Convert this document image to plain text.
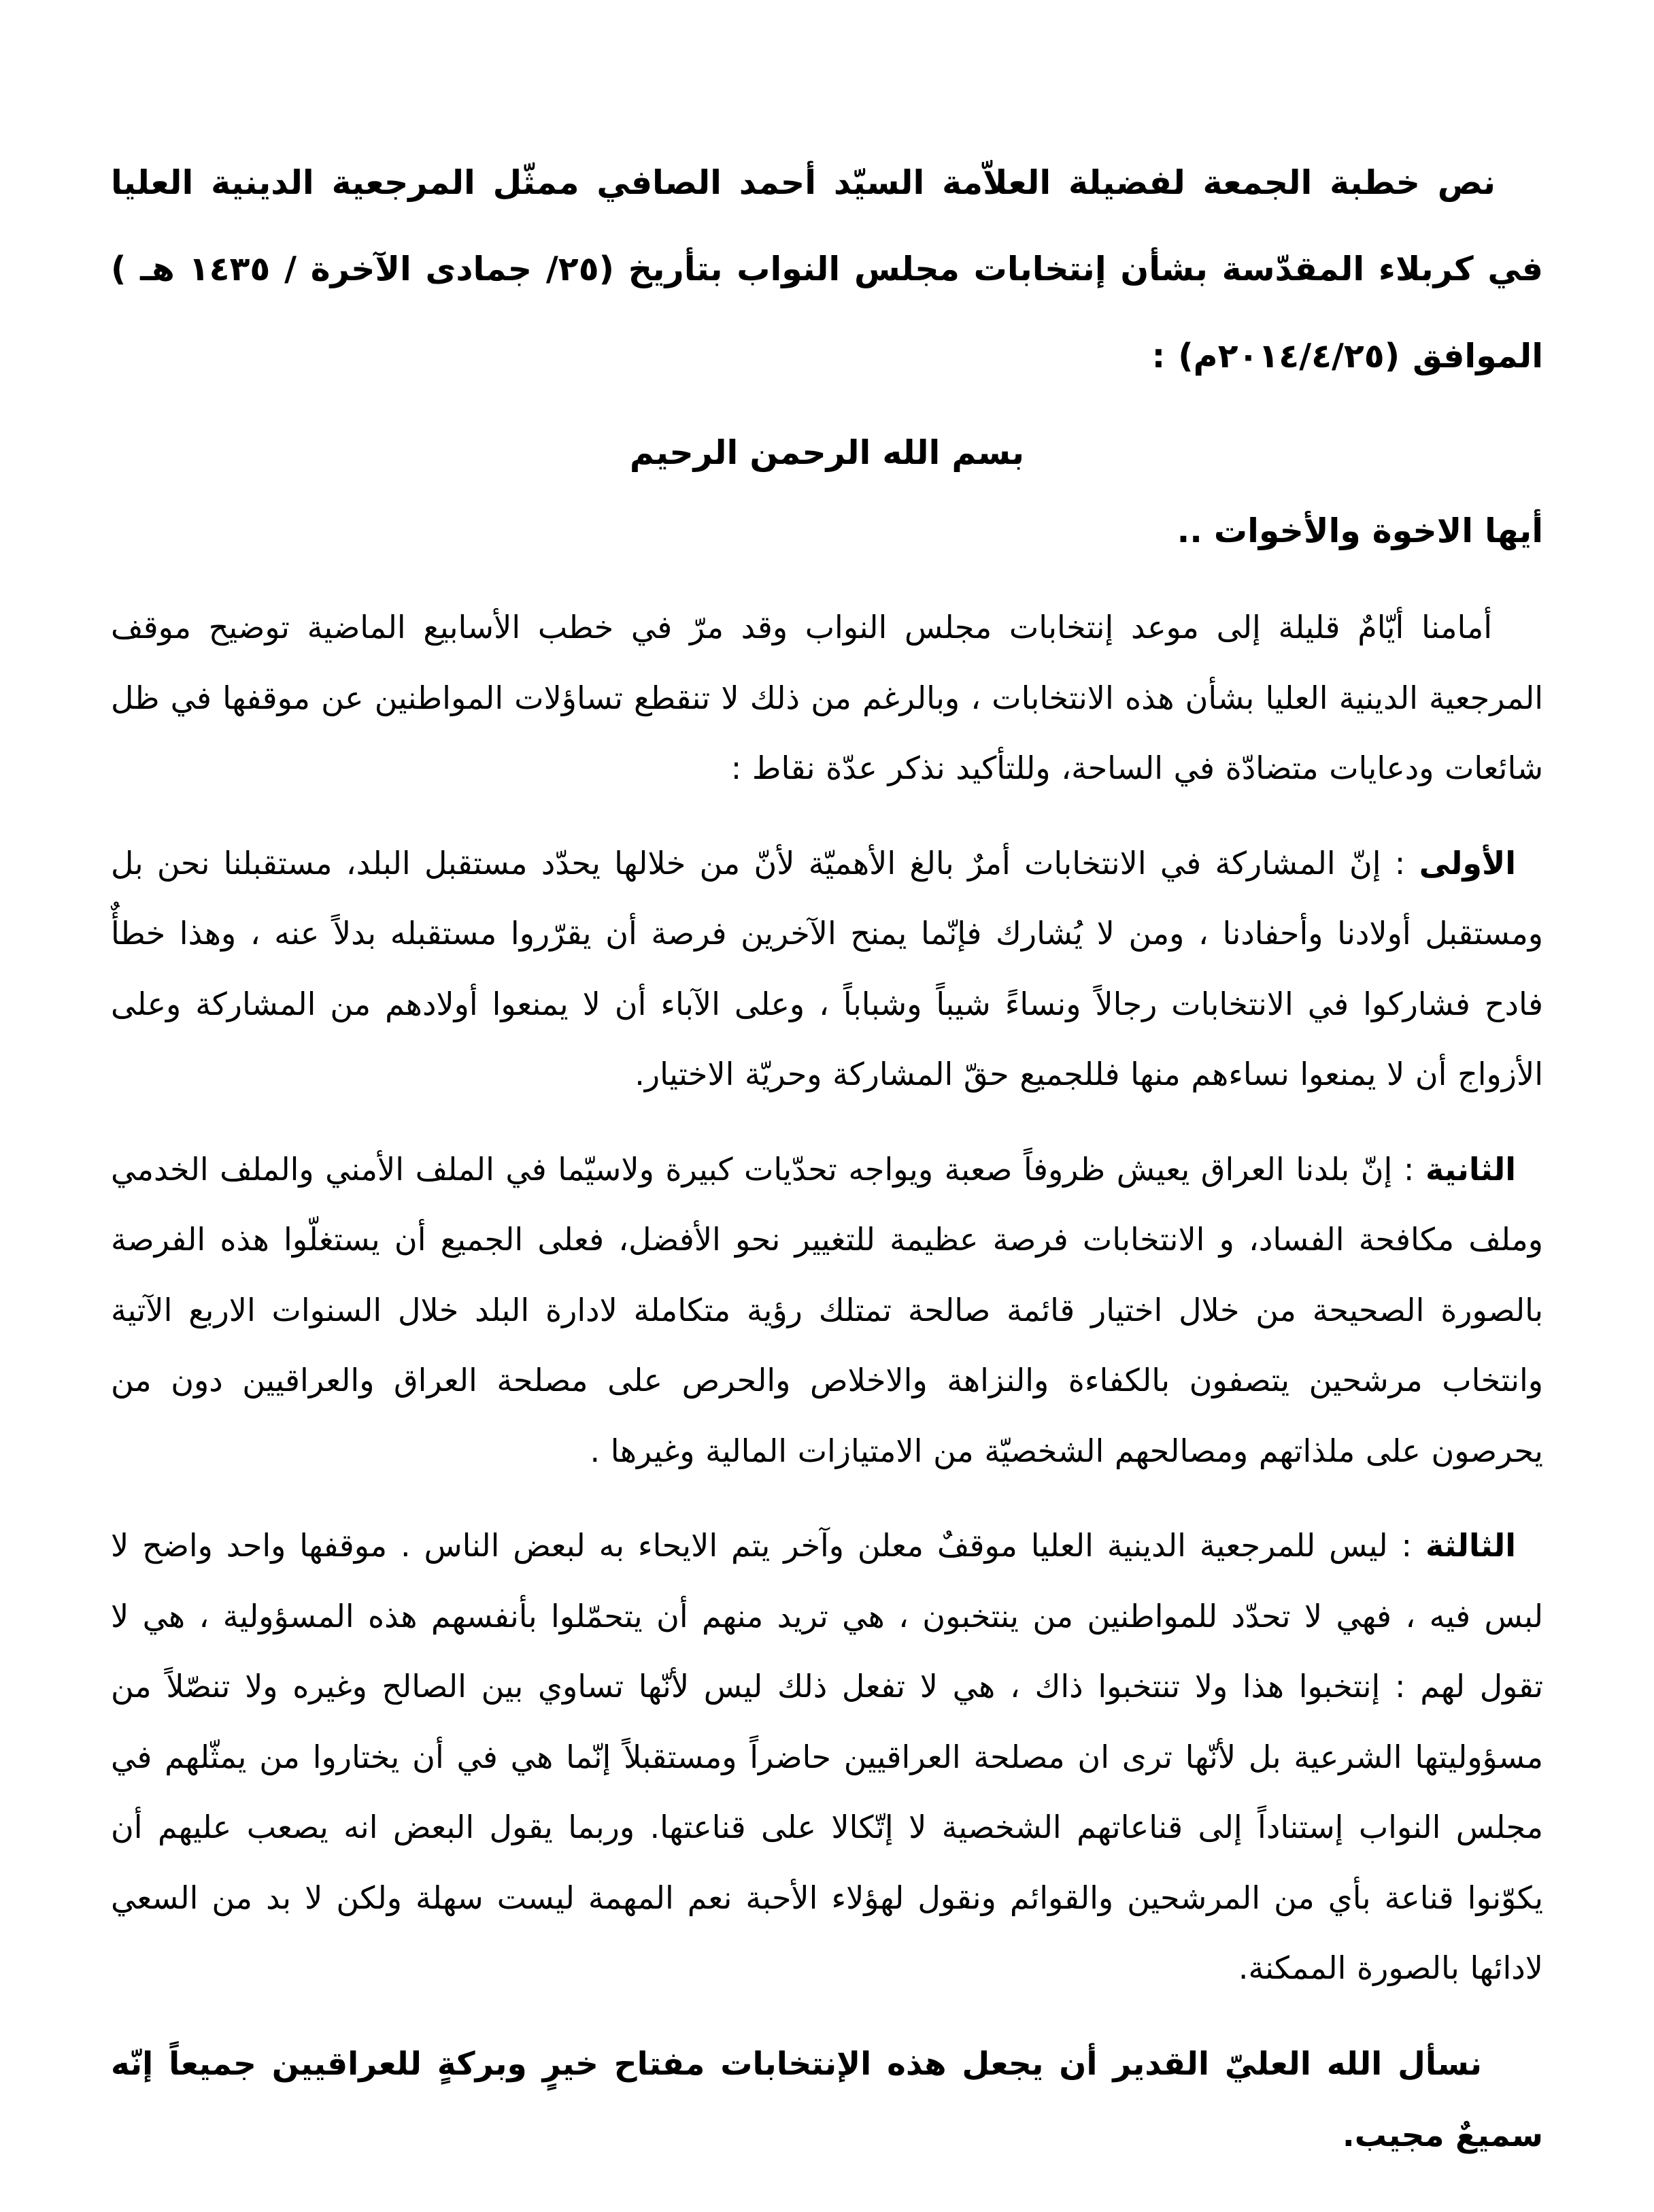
نص خطبة الجمعة لفضيلة العلاّمة السيّد أحمد الصافي ممثّل المرجعية الدينية العليا في كربلاء المقدّسة بشأن إنتخابات مجلس النواب بتأريخ (٢٥/ جمادى الآخرة / ١٤٣٥ هـ ) الموافق (٢٠١٤/٤/٢٥م) :

بسم الله الرحمن الرحيم

أيها الاخوة والأخوات ..

أمامنا أيّامٌ قليلة إلى موعد إنتخابات مجلس النواب وقد مرّ في خطب الأسابيع الماضية توضيح موقف المرجعية الدينية العليا بشأن هذه الانتخابات ، وبالرغم من ذلك لا تنقطع تساؤلات المواطنين عن موقفها في ظل شائعات ودعايات متضادّة في الساحة، وللتأكيد نذكر عدّة نقاط :

الأولى : إنّ المشاركة في الانتخابات أمرٌ بالغ الأهميّة لأنّ من خلالها يحدّد مستقبل البلد، مستقبلنا نحن بل ومستقبل أولادنا وأحفادنا ، ومن لا يُشارك فإنّما يمنح الآخرين فرصة أن يقرّروا مستقبله بدلاً عنه ، وهذا خطأٌ فادح فشاركوا في الانتخابات رجالاً ونساءً شيباً وشباباً ، وعلى الآباء أن لا يمنعوا أولادهم من المشاركة وعلى الأزواج أن لا يمنعوا نساءهم منها فللجميع حقّ المشاركة وحريّة الاختيار.

الثانية : إنّ بلدنا العراق يعيش ظروفاً صعبة ويواجه تحدّيات كبيرة ولاسيّما في الملف الأمني والملف الخدمي وملف مكافحة الفساد، و الانتخابات فرصة عظيمة للتغيير نحو الأفضل، فعلى الجميع أن يستغلّوا هذه الفرصة بالصورة الصحيحة من خلال اختيار قائمة صالحة تمتلك رؤية متكاملة لادارة البلد خلال السنوات الاربع الآتية وانتخاب مرشحين يتصفون بالكفاءة والنزاهة والاخلاص والحرص على مصلحة العراق والعراقيين دون من يحرصون على ملذاتهم ومصالحهم الشخصيّة من الامتيازات المالية وغيرها .

الثالثة : ليس للمرجعية الدينية العليا موقفٌ معلن وآخر يتم الايحاء به لبعض الناس . موقفها واحد واضح لا لبس فيه ، فهي لا تحدّد للمواطنين من ينتخبون ، هي تريد منهم أن يتحمّلوا بأنفسهم هذه المسؤولية ، هي لا تقول لهم : إنتخبوا هذا ولا تنتخبوا ذاك ، هي لا تفعل ذلك ليس لأنّها تساوي بين الصالح وغيره ولا تنصّلاً من مسؤوليتها الشرعية بل لأنّها ترى ان مصلحة العراقيين حاضراً ومستقبلاً إنّما هي في أن يختاروا من يمثّلهم في مجلس النواب إستناداً إلى قناعاتهم الشخصية لا إتّكالا على قناعتها. وربما يقول البعض انه يصعب عليهم أن يكوّنوا قناعة بأي من المرشحين والقوائم ونقول لهؤلاء الأحبة نعم المهمة ليست سهلة ولكن لا بد من السعي لادائها بالصورة الممكنة.

نسأل الله العليّ القدير أن يجعل هذه الإنتخابات مفتاح خيرٍ وبركةٍ للعراقيين جميعاً إنّه سميعٌ مجيب.
